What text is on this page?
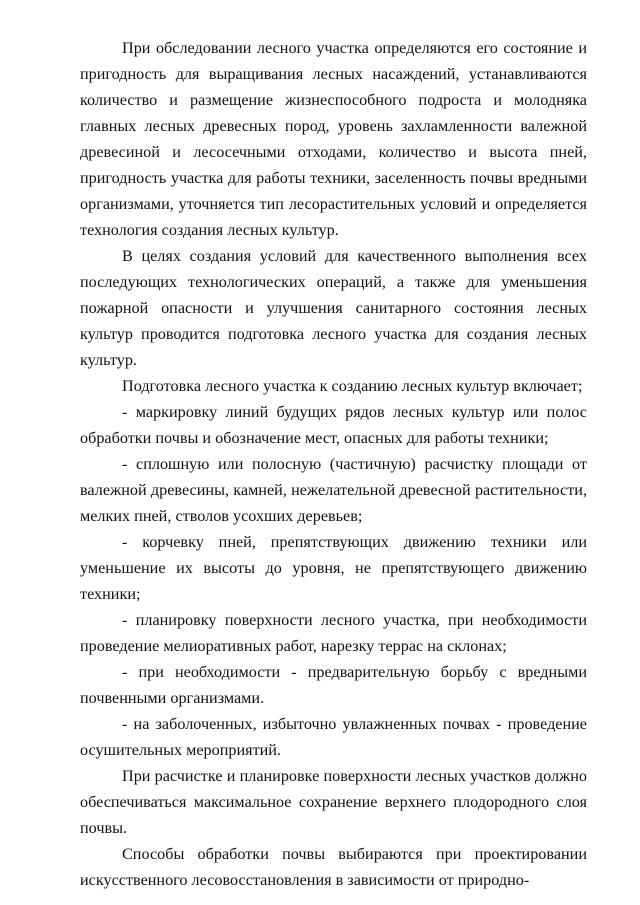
При обследовании лесного участка определяются его состояние и пригодность для выращивания лесных насаждений, устанавливаются количество и размещение жизнеспособного подроста и молодняка главных лесных древесных пород, уровень захламленности валежной древесиной и лесосечными отходами, количество и высота пней, пригодность участка для работы техники, заселенность почвы вредными организмами, уточняется тип лесорастительных условий и определяется технология создания лесных культур.

В целях создания условий для качественного выполнения всех последующих технологических операций, а также для уменьшения пожарной опасности и улучшения санитарного состояния лесных культур проводится подготовка лесного участка для создания лесных культур.

Подготовка лесного участка к созданию лесных культур включает;

- маркировку линий будущих рядов лесных культур или полос обработки почвы и обозначение мест, опасных для работы техники;

- сплошную или полосную (частичную) расчистку площади от валежной древесины, камней, нежелательной древесной растительности, мелких пней, стволов усохших деревьев;

- корчевку пней, препятствующих движению техники или уменьшение их высоты до уровня, не препятствующего движению техники;

- планировку поверхности лесного участка, при необходимости проведение мелиоративных работ, нарезку террас на склонах;

- при необходимости - предварительную борьбу с вредными почвенными организмами.

- на заболоченных, избыточно увлажненных почвах - проведение осушительных мероприятий.

При расчистке и планировке поверхности лесных участков должно обеспечиваться максимальное сохранение верхнего плодородного слоя почвы.

Способы обработки почвы выбираются при проектировании искусственного лесовосстановления в зависимости от природно-
